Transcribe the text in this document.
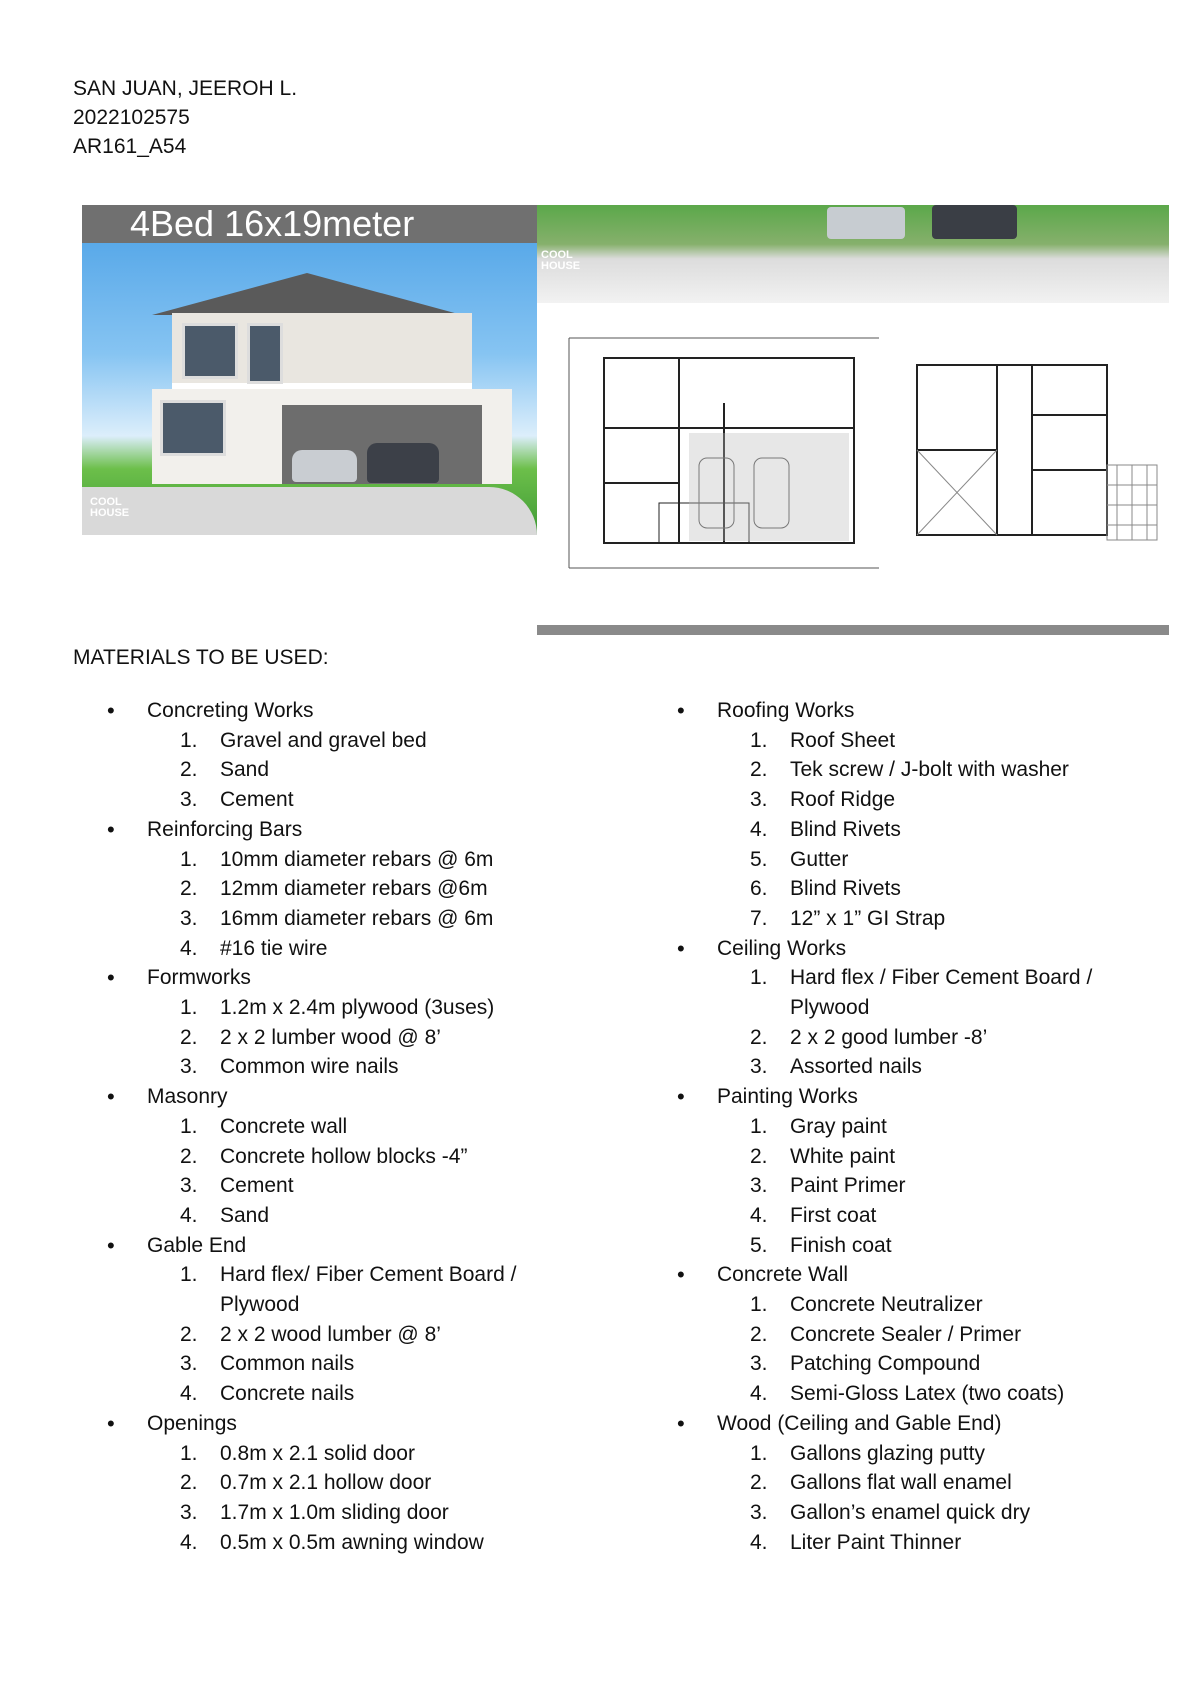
SAN JUAN, JEEROH L.
2022102575
AR161_A54
4Bed 16x19meter
COOL
HOUSE
COOL
HOUSE
MATERIALS TO BE USED:
• Concreting Works
1. Gravel and gravel bed
2. Sand
3. Cement
• Reinforcing Bars
1. 10mm diameter rebars @ 6m
2. 12mm diameter rebars @6m
3. 16mm diameter rebars @ 6m
4. #16 tie wire
• Formworks
1. 1.2m x 2.4m plywood (3uses)
2. 2 x 2 lumber wood @ 8’
3. Common wire nails
• Masonry
1. Concrete wall
2. Concrete hollow blocks -4”
3. Cement
4. Sand
• Gable End
1. Hard flex/ Fiber Cement Board / Plywood
2. 2 x 2 wood lumber @ 8’
3. Common nails
4. Concrete nails
• Openings
1. 0.8m x 2.1 solid door
2. 0.7m x 2.1 hollow door
3. 1.7m x 1.0m sliding door
4. 0.5m x 0.5m awning window
• Roofing Works
1. Roof Sheet
2. Tek screw / J-bolt with washer
3. Roof Ridge
4. Blind Rivets
5. Gutter
6. Blind Rivets
7. 12” x 1” GI Strap
• Ceiling Works
1. Hard flex / Fiber Cement Board / Plywood
2. 2 x 2 good lumber -8’
3. Assorted nails
• Painting Works
1. Gray paint
2. White paint
3. Paint Primer
4. First coat
5. Finish coat
• Concrete Wall
1. Concrete Neutralizer
2. Concrete Sealer / Primer
3. Patching Compound
4. Semi-Gloss Latex (two coats)
• Wood (Ceiling and Gable End)
1. Gallons glazing putty
2. Gallons flat wall enamel
3. Gallon’s enamel quick dry
4. Liter Paint Thinner
